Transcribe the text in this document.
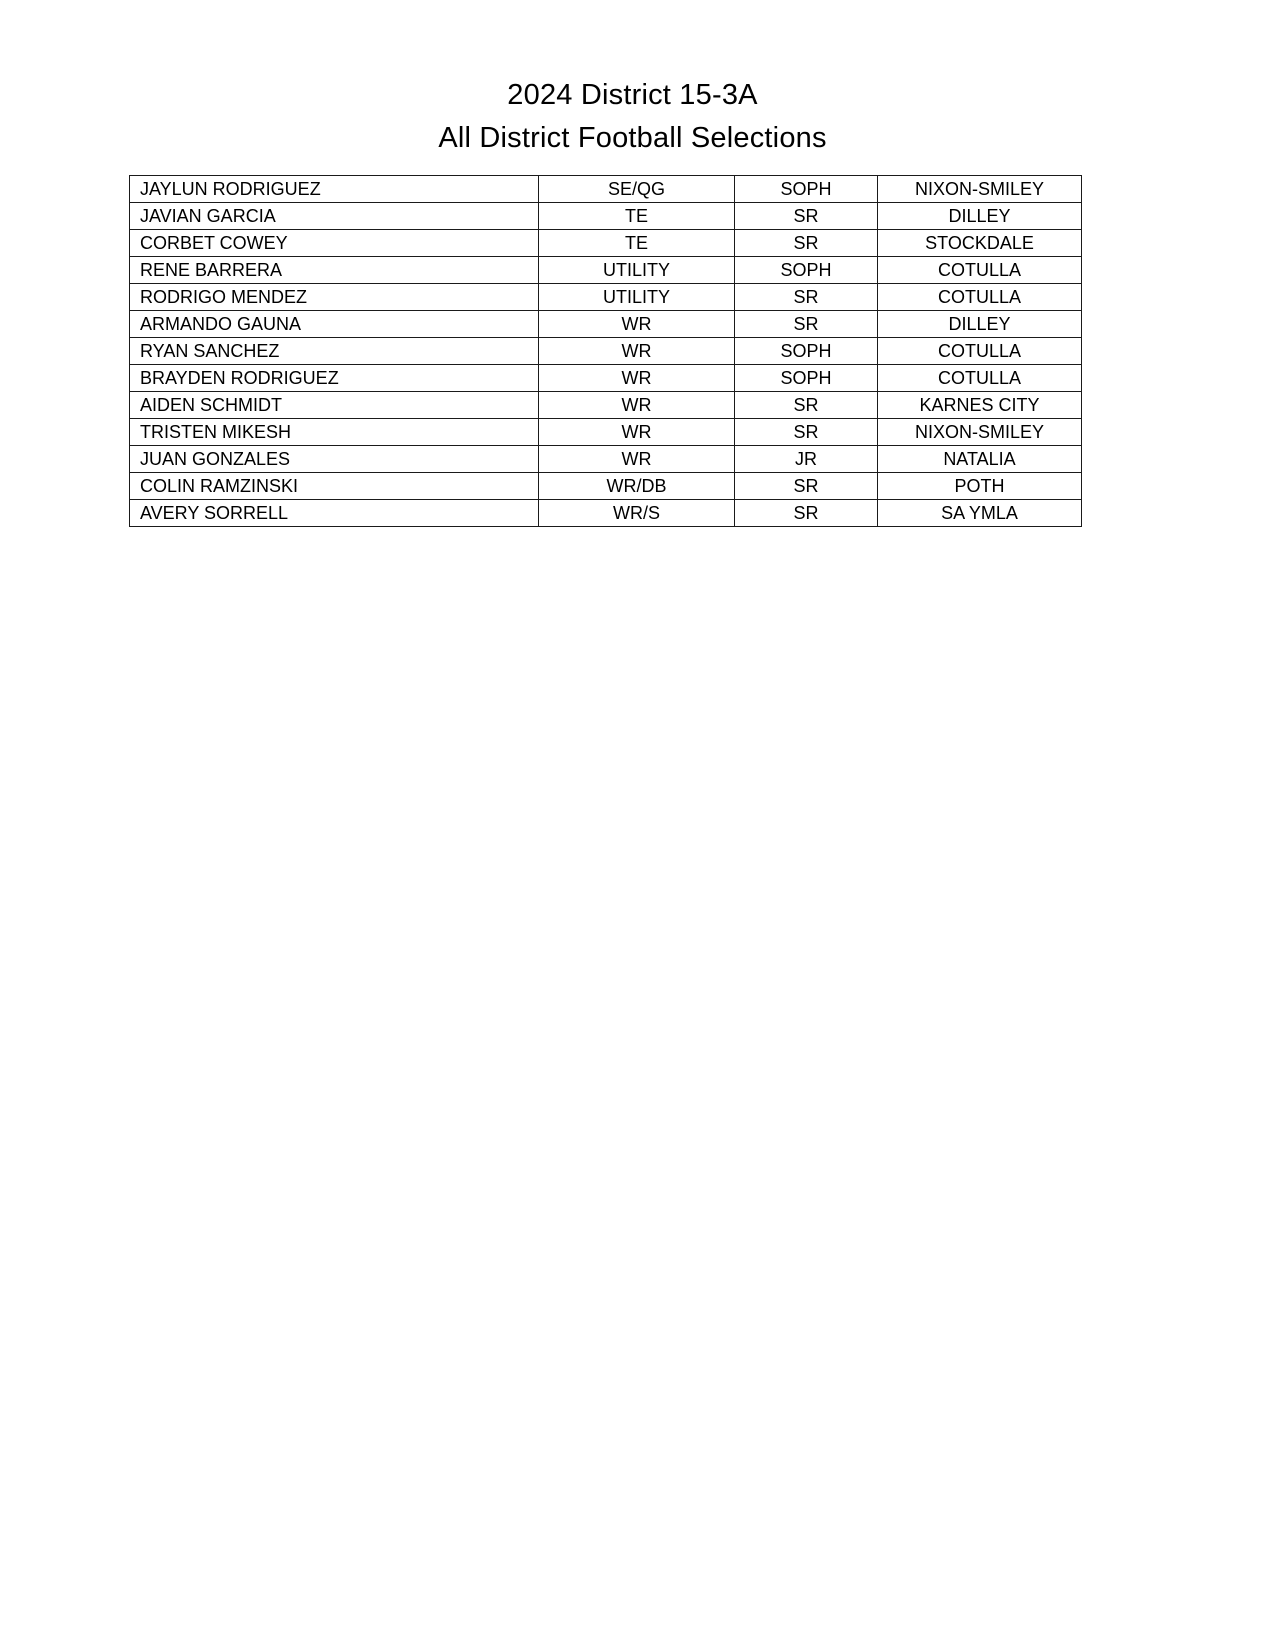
2024 District 15-3A
All District Football Selections
JAYLUN RODRIGUEZ	SE/QG	SOPH	NIXON-SMILEY
JAVIAN GARCIA	TE	SR	DILLEY
CORBET COWEY	TE	SR	STOCKDALE
RENE BARRERA	UTILITY	SOPH	COTULLA
RODRIGO MENDEZ	UTILITY	SR	COTULLA
ARMANDO GAUNA	WR	SR	DILLEY
RYAN SANCHEZ	WR	SOPH	COTULLA
BRAYDEN RODRIGUEZ	WR	SOPH	COTULLA
AIDEN SCHMIDT	WR	SR	KARNES CITY
TRISTEN MIKESH	WR	SR	NIXON-SMILEY
JUAN GONZALES	WR	JR	NATALIA
COLIN RAMZINSKI	WR/DB	SR	POTH
AVERY SORRELL	WR/S	SR	SA YMLA
